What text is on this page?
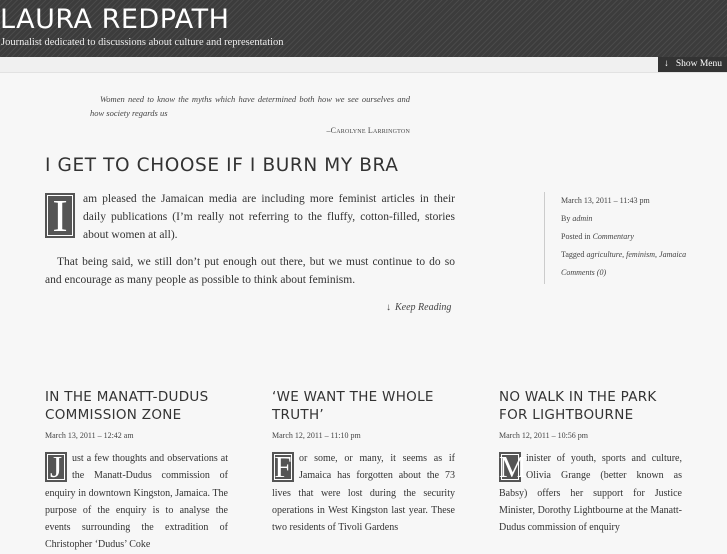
LAURA REDPATH
Journalist dedicated to discussions about culture and representation
↓ Show Menu
Women need to know the myths which have determined both how we see ourselves and how society regards us
–Carolyne Larrington
I GET TO CHOOSE IF I BURN MY BRA

I	am pleased the Jamaican media are including more feminist articles in their daily publications (I’m really not referring to the fluffy, cotton-filled, stories about women at all).

That being said, we still don’t put enough out there, but we must continue to do so and encourage as many people as possible to think about feminism.

↓ Keep Reading
March 13, 2011 – 11:43 pm
By admin
Posted in Commentary
Tagged agriculture, feminism, Jamaica
Comments (0)
IN THE MANATT-DUDUS COMMISSION ZONE
March 13, 2011 – 12:42 am
J ust a few thoughts and observations at the Manatt-Dudus commission of enquiry in downtown Kingston, Jamaica. The purpose of the enquiry is to analyse the events surrounding the extradition of Christopher ‘Dudus’ Coke
‘WE WANT THE WHOLE TRUTH’
March 12, 2011 – 11:10 pm
F or some, or many, it seems as if Jamaica has forgotten about the 73 lives that were lost during the security operations in West Kingston last year. These two residents of Tivoli Gardens
NO WALK IN THE PARK FOR LIGHTBOURNE
March 12, 2011 – 10:56 pm
M inister of youth, sports and culture, Olivia Grange (better known as Babsy) offers her support for Justice Minister, Dorothy Lightbourne at the Manatt-Dudus commission of enquiry
